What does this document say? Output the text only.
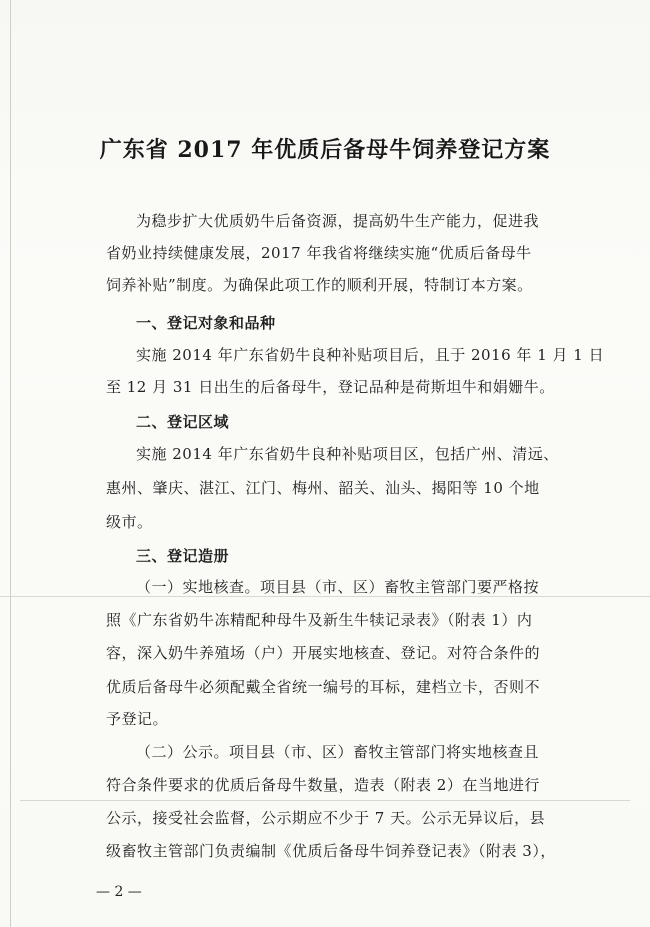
广东省 2017 年优质后备母牛饲养登记方案
为稳步扩大优质奶牛后备资源，提高奶牛生产能力，促进我
省奶业持续健康发展，2017 年我省将继续实施“优质后备母牛
饲养补贴”制度。为确保此项工作的顺利开展，特制订本方案。
一、登记对象和品种
实施 2014 年广东省奶牛良种补贴项目后，且于 2016 年 1 月 1 日
至 12 月 31 日出生的后备母牛，登记品种是荷斯坦牛和娟姗牛。
二、登记区域
实施 2014 年广东省奶牛良种补贴项目区，包括广州、清远、
惠州、肇庆、湛江、江门、梅州、韶关、汕头、揭阳等 10 个地
级市。
三、登记造册
（一）实地核查。项目县（市、区）畜牧主管部门要严格按
照《广东省奶牛冻精配种母牛及新生牛犊记录表》（附表 1）内
容，深入奶牛养殖场（户）开展实地核查、登记。对符合条件的
优质后备母牛必须配戴全省统一编号的耳标，建档立卡，否则不
予登记。
（二）公示。项目县（市、区）畜牧主管部门将实地核查且
符合条件要求的优质后备母牛数量，造表（附表 2）在当地进行
公示，接受社会监督，公示期应不少于 7 天。公示无异议后，县
级畜牧主管部门负责编制《优质后备母牛饲养登记表》（附表 3），
— 2 —
